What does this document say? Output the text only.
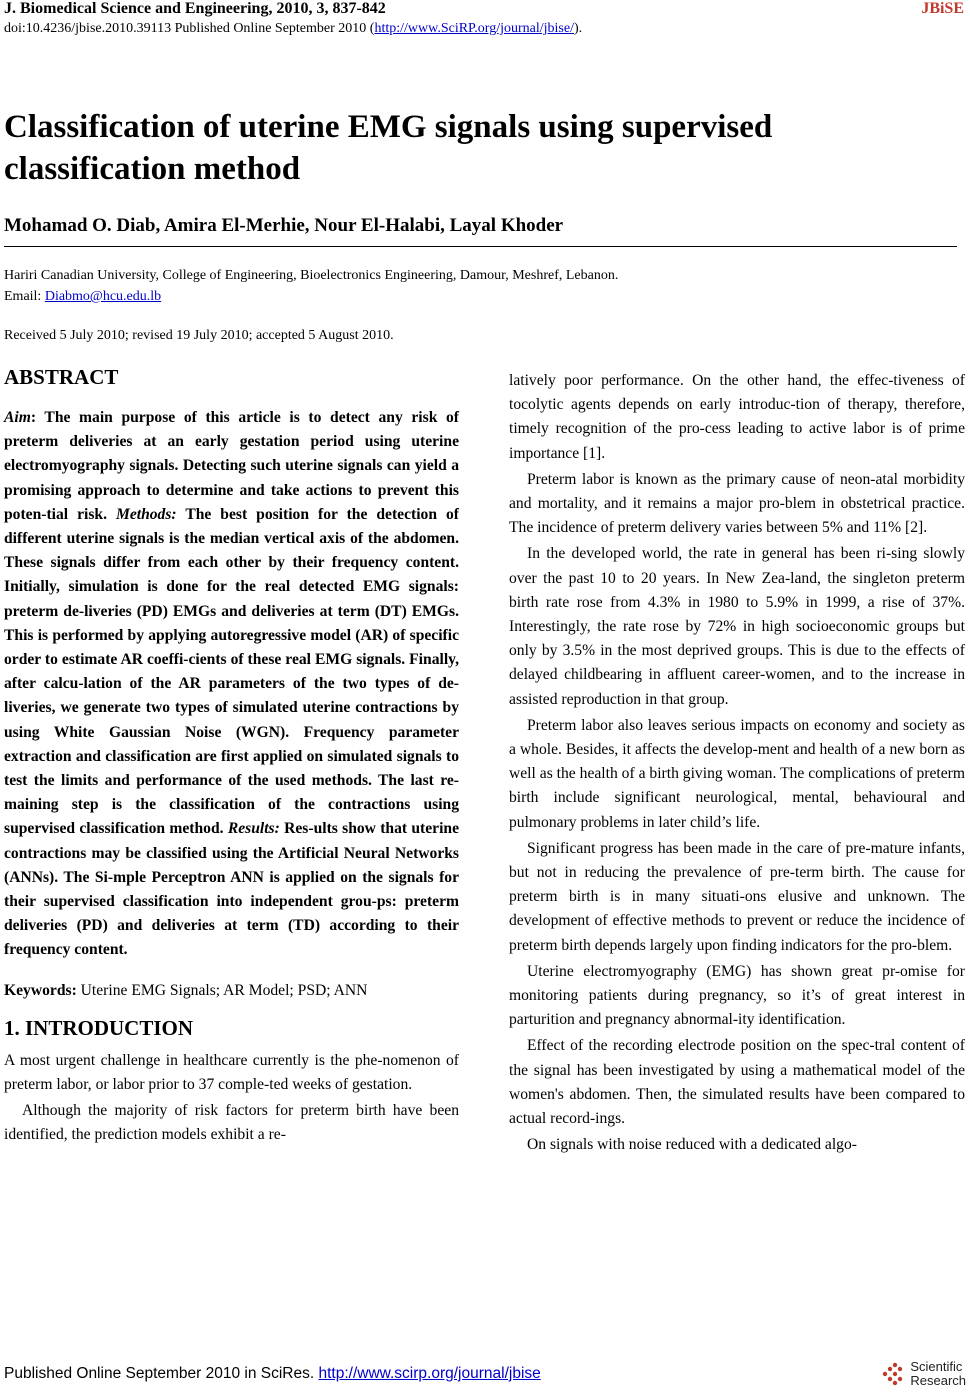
J. Biomedical Science and Engineering, 2010, 3, 837-842	JBiSE
doi:10.4236/jbise.2010.39113 Published Online September 2010 (http://www.SciRP.org/journal/jbise/).
Classification of uterine EMG signals using supervised classification method
Mohamad O. Diab, Amira El-Merhie, Nour El-Halabi, Layal Khoder
Hariri Canadian University, College of Engineering, Bioelectronics Engineering, Damour, Meshref, Lebanon.
Email: Diabmo@hcu.edu.lb
Received 5 July 2010; revised 19 July 2010; accepted 5 August 2010.
ABSTRACT
Aim: The main purpose of this article is to detect any risk of preterm deliveries at an early gestation period using uterine electromyography signals. Detecting such uterine signals can yield a promising approach to determine and take actions to prevent this poten-tial risk. Methods: The best position for the detection of different uterine signals is the median vertical axis of the abdomen. These signals differ from each other by their frequency content. Initially, simulation is done for the real detected EMG signals: preterm de-liveries (PD) EMGs and deliveries at term (DT) EMGs. This is performed by applying autoregressive model (AR) of specific order to estimate AR coeffi-cients of these real EMG signals. Finally, after calcu-lation of the AR parameters of the two types of de-liveries, we generate two types of simulated uterine contractions by using White Gaussian Noise (WGN). Frequency parameter extraction and classification are first applied on simulated signals to test the limits and performance of the used methods. The last re-maining step is the classification of the contractions using supervised classification method. Results: Res-ults show that uterine contractions may be classified using the Artificial Neural Networks (ANNs). The Si-mple Perceptron ANN is applied on the signals for their supervised classification into independent grou-ps: preterm deliveries (PD) and deliveries at term (TD) according to their frequency content.
Keywords: Uterine EMG Signals; AR Model; PSD; ANN
1. INTRODUCTION

A most urgent challenge in healthcare currently is the phe-nomenon of preterm labor, or labor prior to 37 comple-ted weeks of gestation.

Although the majority of risk factors for preterm birth have been identified, the prediction models exhibit a re-

latively poor performance. On the other hand, the effec-tiveness of tocolytic agents depends on early introduc-tion of therapy, therefore, timely recognition of the pro-cess leading to active labor is of prime importance [1].

Preterm labor is known as the primary cause of neon-atal morbidity and mortality, and it remains a major pro-blem in obstetrical practice. The incidence of preterm delivery varies between 5% and 11% [2].

In the developed world, the rate in general has been ri-sing slowly over the past 10 to 20 years. In New Zea-land, the singleton preterm birth rate rose from 4.3% in 1980 to 5.9% in 1999, a rise of 37%. Interestingly, the rate rose by 72% in high socioeconomic groups but only by 3.5% in the most deprived groups. This is due to the effects of delayed childbearing in affluent career-women, and to the increase in assisted reproduction in that group.

Preterm labor also leaves serious impacts on economy and society as a whole. Besides, it affects the develop-ment and health of a new born as well as the health of a birth giving woman. The complications of preterm birth include significant neurological, mental, behavioural and pulmonary problems in later child’s life.

Significant progress has been made in the care of pre-mature infants, but not in reducing the prevalence of pre-term birth. The cause for preterm birth is in many situati-ons elusive and unknown. The development of effective methods to prevent or reduce the incidence of preterm birth depends largely upon finding indicators for the pro-blem.

Uterine electromyography (EMG) has shown great pr-omise for monitoring patients during pregnancy, so it’s of great interest in parturition and pregnancy abnormal-ity identification.

Effect of the recording electrode position on the spec-tral content of the signal has been investigated by using a mathematical model of the women's abdomen. Then, the simulated results have been compared to actual record-ings.

On signals with noise reduced with a dedicated algo-

Published Online September 2010 in SciRes. http://www.scirp.org/journal/jbise	Scientific
Research
